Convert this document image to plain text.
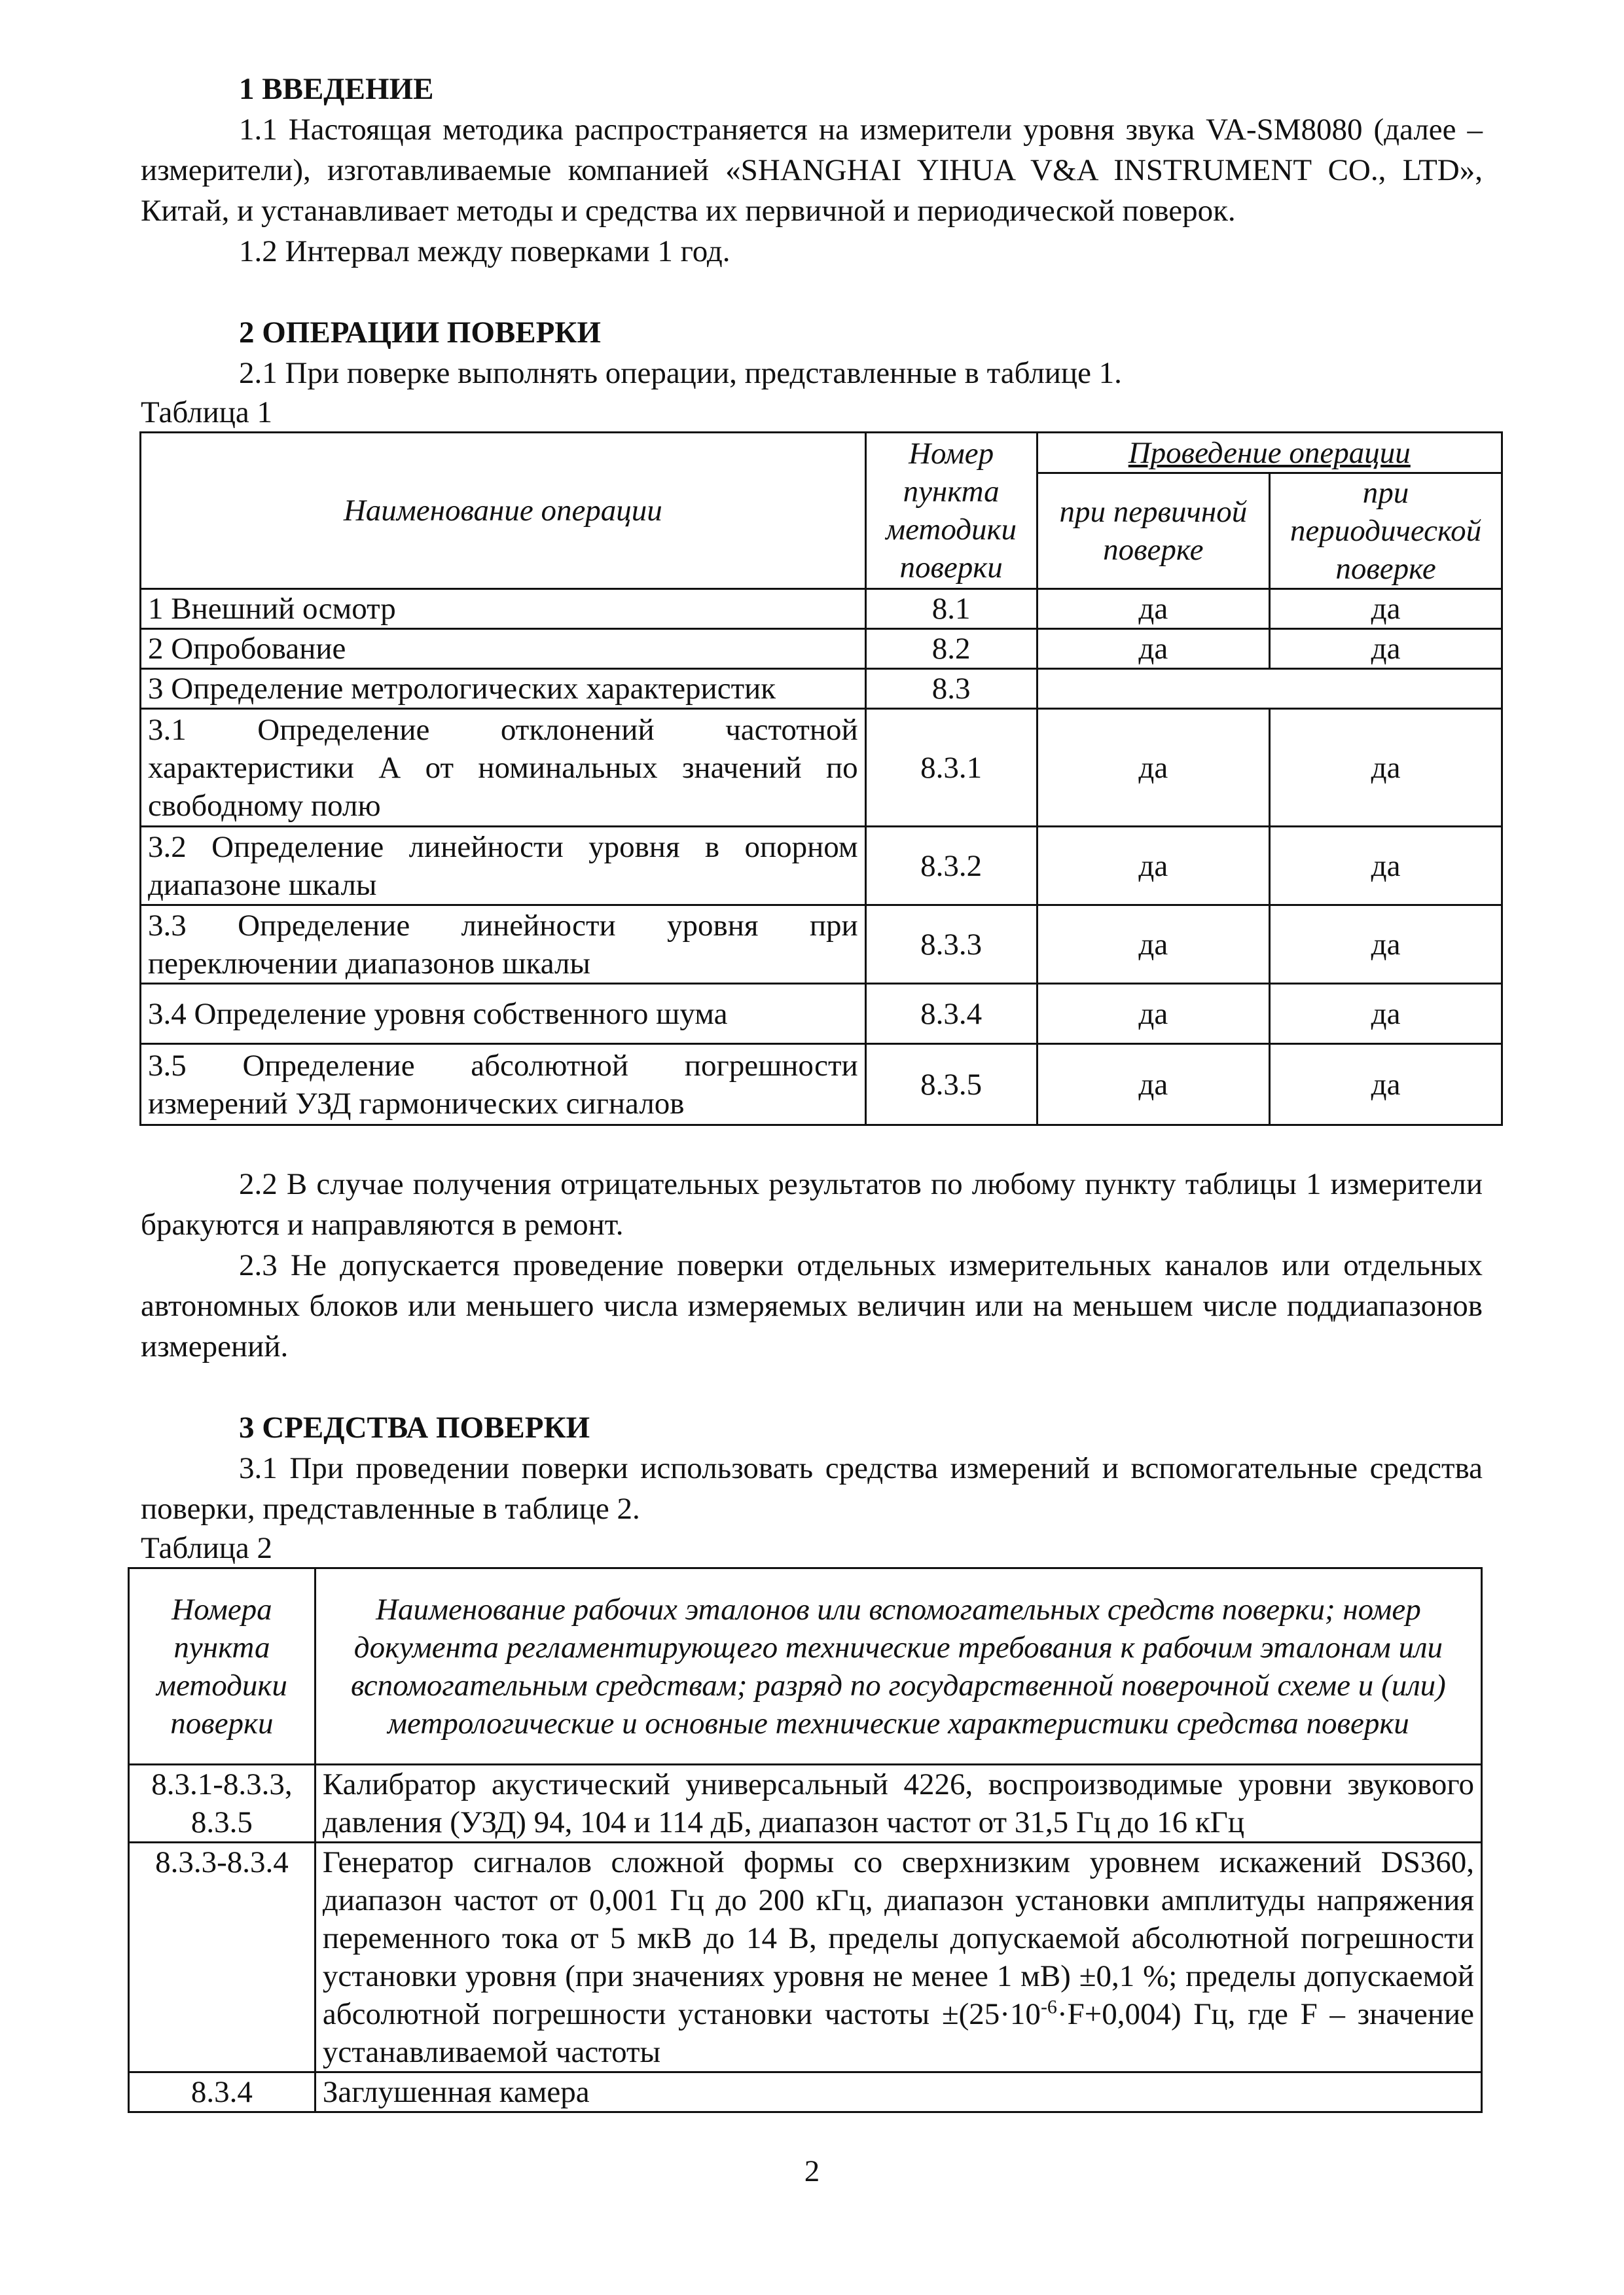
1 ВВЕДЕНИЕ

1.1 Настоящая методика распространяется на измерители уровня звука VA-SM8080 (далее – измерители), изготавливаемые компанией «SHANGHAI YIHUA V&A INSTRUMENT CO., LTD», Китай, и устанавливает методы и средства их первичной и периодической поверок.

1.2 Интервал между поверками 1 год.

2 ОПЕРАЦИИ ПОВЕРКИ

2.1 При поверке выполнять операции, представленные в таблице 1.

Таблица 1

Наименование операции	Номер пункта методики поверки	Проведение операции	
		при первичной поверке	при периодической поверке
1 Внешний осмотр	8.1	да	да
2 Опробование	8.2	да	да
3 Определение метрологических характеристик	8.3		
3.1 Определение отклонений частотной характеристики А от номинальных значений по свободному полю	8.3.1	да	да
3.2 Определение линейности уровня в опорном диапазоне шкалы	8.3.2	да	да
3.3 Определение линейности уровня при переключении диапазонов шкалы	8.3.3	да	да
3.4 Определение уровня собственного шума	8.3.4	да	да
3.5 Определение абсолютной погрешности измерений УЗД гармонических сигналов	8.3.5	да	да

2.2 В случае получения отрицательных результатов по любому пункту таблицы 1 измерители бракуются и направляются в ремонт.

2.3 Не допускается проведение поверки отдельных измерительных каналов или отдельных автономных блоков или меньшего числа измеряемых величин или на меньшем числе поддиапазонов измерений.

3 СРЕДСТВА ПОВЕРКИ

3.1 При проведении поверки использовать средства измерений и вспомогательные средства поверки, представленные в таблице 2.

Таблица 2

Номера пункта методики поверки	Наименование рабочих эталонов или вспомогательных средств поверки; номер документа регламентирующего технические требования к рабочим эталонам или вспомогательным средствам; разряд по государственной поверочной схеме и (или) метрологические и основные технические характеристики средства поверки
8.3.1-8.3.3, 8.3.5	Калибратор акустический универсальный 4226, воспроизводимые уровни звукового давления (УЗД) 94, 104 и 114 дБ, диапазон частот от 31,5 Гц до 16 кГц
8.3.3-8.3.4	Генератор сигналов сложной формы со сверхнизким уровнем искажений DS360, диапазон частот от 0,001 Гц до 200 кГц, диапазон установки амплитуды напряжения переменного тока от 5 мкВ до 14 В, пределы допускаемой абсолютной погрешности установки уровня (при значениях уровня не менее 1 мВ) ±0,1 %; пределы допускаемой абсолютной погрешности установки частоты $\pm(25\cdot 10^{-6}\cdot F+0,004)$ Гц, где F – значение устанавливаемой частоты
8.3.4	Заглушенная камера
2
